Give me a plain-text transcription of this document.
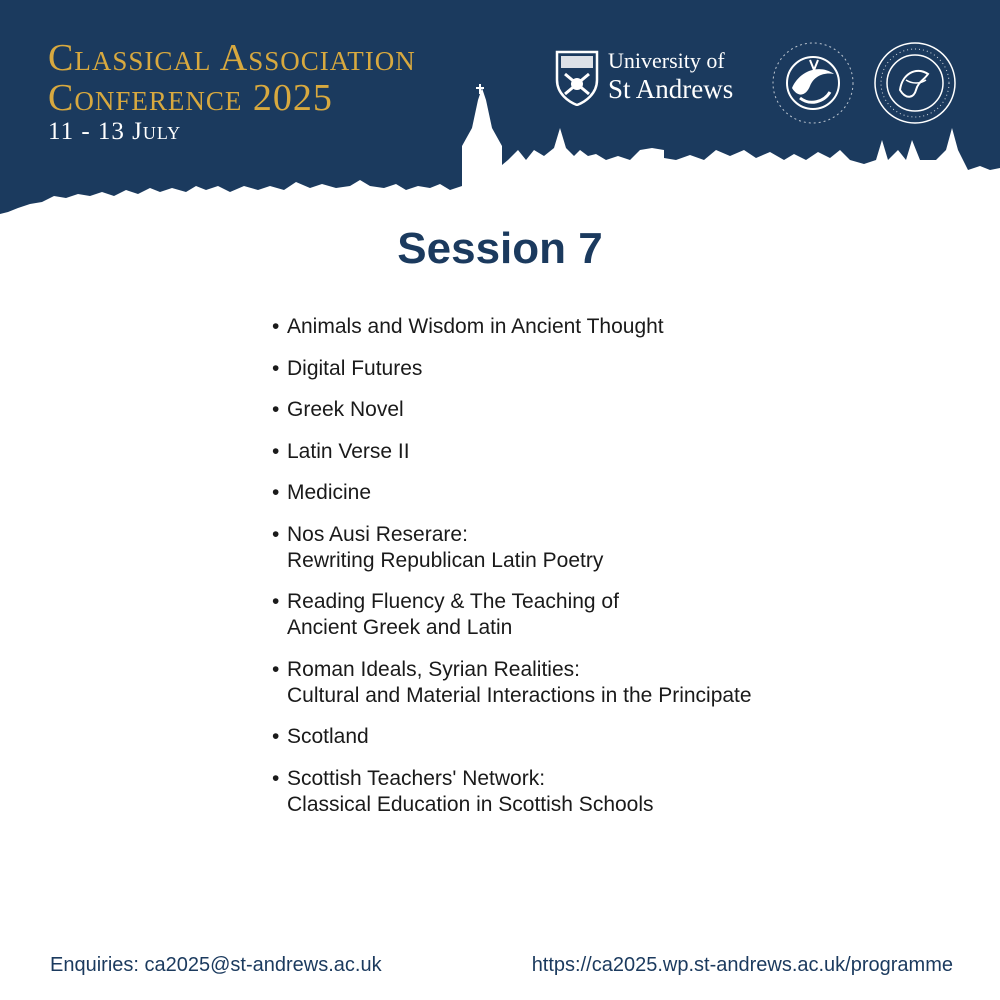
Classical Association
Conference 2025
11 - 13 July
University of
St Andrews
Session 7
• Animals and Wisdom in Ancient Thought
• Digital Futures
• Greek Novel
• Latin Verse II
• Medicine
• Nos Ausi Reserare:
Rewriting Republican Latin Poetry
• Reading Fluency & The Teaching of
Ancient Greek and Latin
• Roman Ideals, Syrian Realities:
Cultural and Material Interactions in the Principate
• Scotland
• Scottish Teachers' Network:
Classical Education in Scottish Schools
Enquiries: ca2025@st-andrews.ac.uk	https://ca2025.wp.st-andrews.ac.uk/programme
